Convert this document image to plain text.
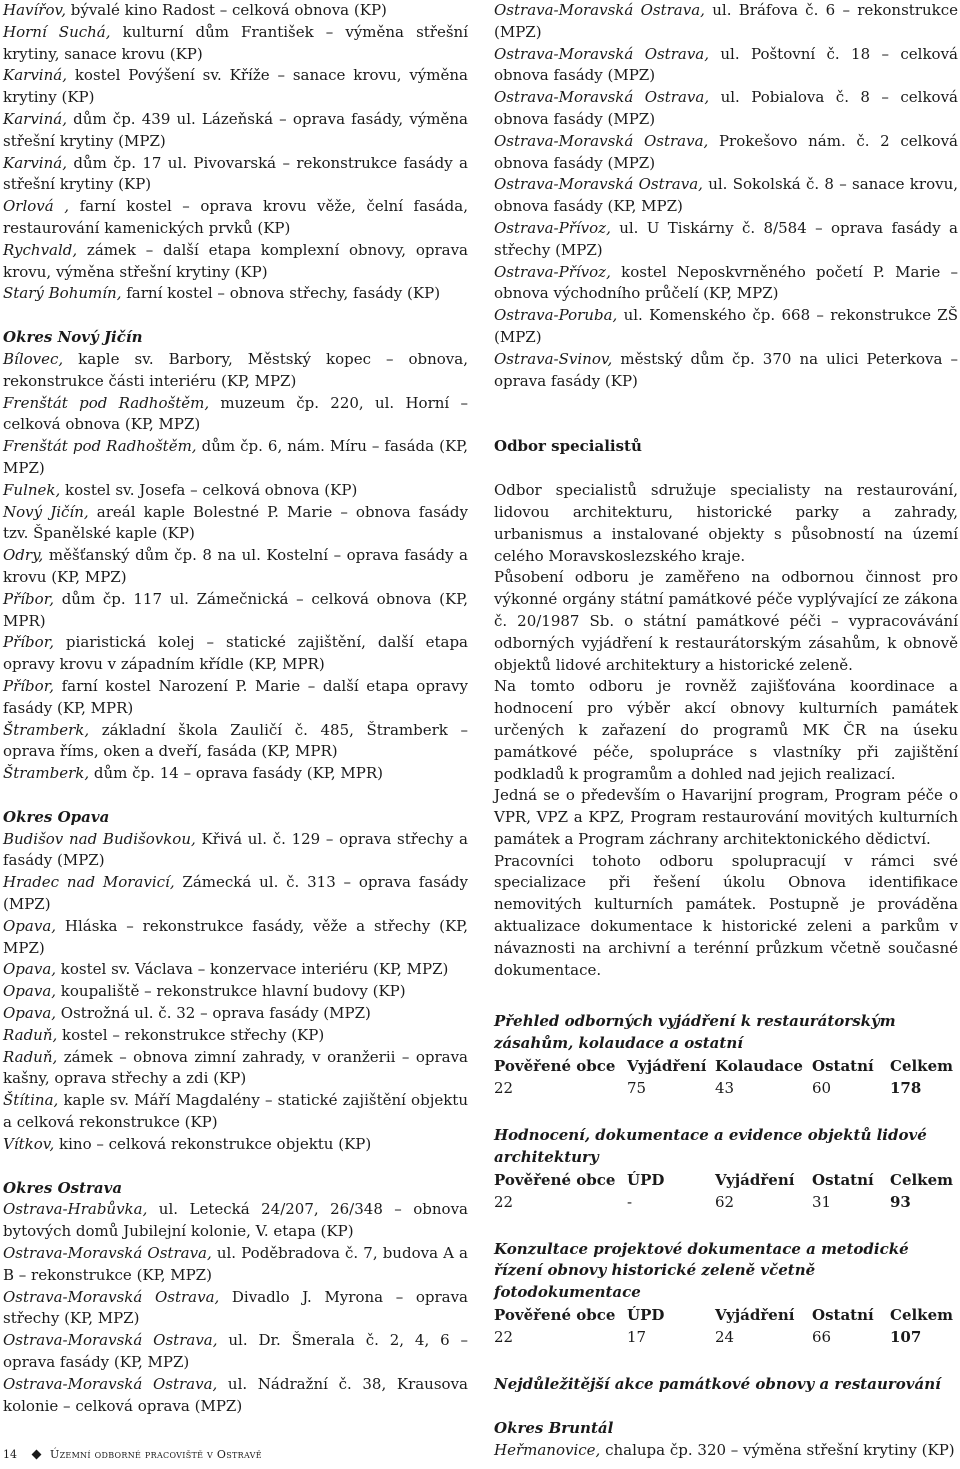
Havířov, bývalé kino Radost – celková obnova (KP)

Horní Suchá, kulturní dům František – výměna střešní krytiny, sanace krovu (KP)

Karviná, kostel Povýšení sv. Kříže – sanace krovu, výměna krytiny (KP)

Karviná, dům čp. 439 ul. Lázeňská – oprava fasády, výměna střešní krytiny (MPZ)

Karviná, dům čp. 17 ul. Pivovarská – rekonstrukce fasády a střešní krytiny (KP)

Orlová , farní kostel – oprava krovu věže, čelní fasáda, restaurování kamenických prvků (KP)

Rychvald, zámek – další etapa komplexní obnovy, oprava krovu, výměna střešní krytiny (KP)

Starý Bohumín, farní kostel – obnova střechy, fasády (KP)

Okres Nový Jičín

Bílovec, kaple sv. Barbory, Městský kopec – obnova, rekonstrukce části interiéru (KP, MPZ)

Frenštát pod Radhoštěm, muzeum čp. 220, ul. Horní – celková obnova (KP, MPZ)

Frenštát pod Radhoštěm, dům čp. 6, nám. Míru – fasáda (KP, MPZ)

Fulnek, kostel sv. Josefa – celková obnova (KP)

Nový Jičín, areál kaple Bolestné P. Marie – obnova fasády tzv. Španělské kaple (KP)

Odry, měšťanský dům čp. 8 na ul. Kostelní – oprava fasády a krovu (KP, MPZ)

Příbor, dům čp. 117 ul. Zámečnická – celková obnova (KP, MPR)

Příbor, piaristická kolej – statické zajištění, další etapa opravy krovu v západním křídle (KP, MPR)

Příbor, farní kostel Narození P. Marie – další etapa opravy fasády (KP, MPR)

Štramberk, základní škola Zauličí č. 485, Štramberk – oprava říms, oken a dveří, fasáda (KP, MPR)

Štramberk, dům čp. 14 – oprava fasády (KP, MPR)

Okres Opava

Budišov nad Budišovkou, Křivá ul. č. 129 – oprava střechy a fasády (MPZ)

Hradec nad Moravicí, Zámecká ul. č. 313 – oprava fasády (MPZ)

Opava, Hláska – rekonstrukce fasády, věže a střechy (KP, MPZ)

Opava, kostel sv. Václava – konzervace interiéru (KP, MPZ)

Opava, koupaliště – rekonstrukce hlavní budovy (KP)

Opava, Ostrožná ul. č. 32 – oprava fasády (MPZ)

Raduň, kostel – rekonstrukce střechy (KP)

Raduň, zámek – obnova zimní zahrady, v oranžerii – oprava kašny, oprava střechy a zdi (KP)

Štítina, kaple sv. Máří Magdalény – statické zajištění objektu a celková rekonstrukce (KP)

Vítkov, kino – celková rekonstrukce objektu (KP)

Okres Ostrava

Ostrava-Hrabůvka, ul. Letecká 24/207, 26/348 – obnova bytových domů Jubilejní kolonie, V. etapa (KP)

Ostrava-Moravská Ostrava, ul. Poděbradova č. 7, budova A a B – rekonstrukce (KP, MPZ)

Ostrava-Moravská Ostrava, Divadlo J. Myrona – oprava střechy (KP, MPZ)

Ostrava-Moravská Ostrava, ul. Dr. Šmerala č. 2, 4, 6 – oprava fasády (KP, MPZ)

Ostrava-Moravská Ostrava, ul. Nádražní č. 38, Krausova kolonie – celková oprava (MPZ)

Ostrava-Moravská Ostrava, ul. Bráfova č. 6 – rekonstrukce (MPZ)

Ostrava-Moravská Ostrava, ul. Poštovní č. 18 – celková obnova fasády (MPZ)

Ostrava-Moravská Ostrava, ul. Pobialova č. 8 – celková obnova fasády (MPZ)

Ostrava-Moravská Ostrava, Prokešovo nám. č. 2 celková obnova fasády (MPZ)

Ostrava-Moravská Ostrava, ul. Sokolská č. 8 – sanace krovu, obnova fasády (KP, MPZ)

Ostrava-Přívoz, ul. U Tiskárny č. 8/584 – oprava fasády a střechy (MPZ)

Ostrava-Přívoz, kostel Neposkvrněného početí P. Marie – obnova východního průčelí (KP, MPZ)

Ostrava-Poruba, ul. Komenského čp. 668 – rekonstrukce ZŠ (MPZ)

Ostrava-Svinov, městský dům čp. 370 na ulici Peterkova – oprava fasády (KP)

Odbor specialistů

Odbor specialistů sdružuje specialisty na restaurování, lidovou architekturu, historické parky a zahrady, urbanismus a instalované objekty s působností na území celého Moravskoslezského kraje.

Působení odboru je zaměřeno na odbornou činnost pro výkonné orgány státní památkové péče vyplývající ze zákona č. 20/1987 Sb. o státní památkové péči – vypracovávání odborných vyjádření k restaurátorským zásahům, k obnově objektů lidové architektury a historické zeleně.

Na tomto odboru je rovněž zajišťována koordinace a hodnocení pro výběr akcí obnovy kulturních památek určených k zařazení do programů MK ČR na úseku památkové péče, spolupráce s vlastníky při zajištění podkladů k programům a dohled nad jejich realizací.

Jedná se o především o Havarijní program, Program péče o VPR, VPZ a KPZ, Program restaurování movitých kulturních památek a Program záchrany architektonického dědictví.

Pracovníci tohoto odboru spolupracují v rámci své specializace při řešení úkolu Obnova identifikace nemovitých kulturních památek. Postupně je prováděna aktualizace dokumentace k historické zeleni a parkům v návaznosti na archivní a terénní průzkum včetně současné dokumentace.

Přehled odborných vyjádření k restaurátorským zásahům, kolaudace a ostatní
Pověřené obce	Vyjádření	Kolaudace	Ostatní	Celkem
22	75	43	60	178
Hodnocení, dokumentace a evidence objektů lidové architektury
Pověřené obce	ÚPD	Vyjádření	Ostatní	Celkem
22	-	62	31	93
Konzultace projektové dokumentace a metodické řízení obnovy historické zeleně včetně fotodokumentace
Pověřené obce	ÚPD	Vyjádření	Ostatní	Celkem
22	17	24	66	107
Nejdůležitější akce památkové obnovy a restaurování
Okres Bruntál

Heřmanovice, chalupa čp. 320 – výměna střešní krytiny (KP)

14	Územní odborné pracoviště v Ostravě
